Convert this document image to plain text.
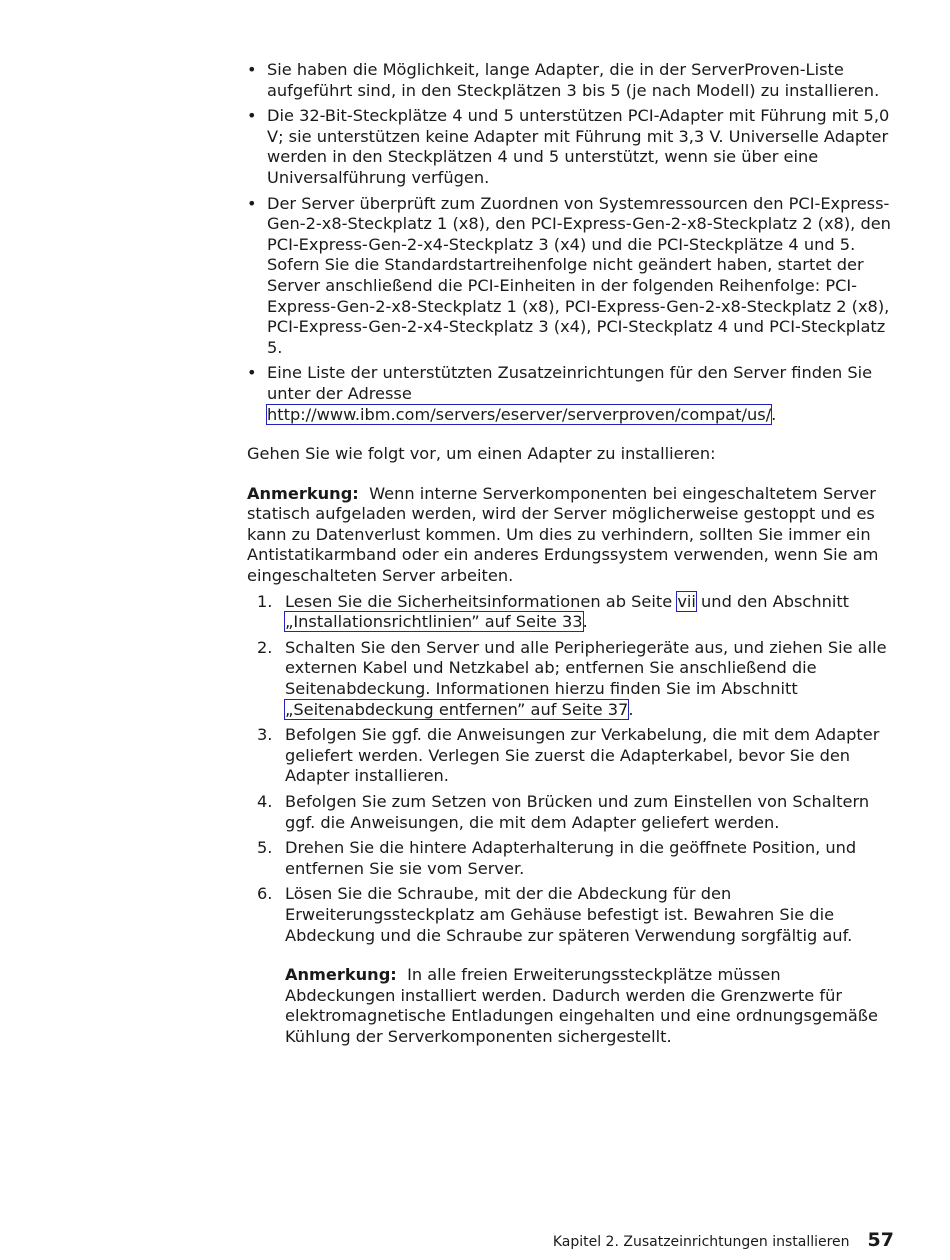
• Sie haben die Möglichkeit, lange Adapter, die in der ServerProven-Liste aufgeführt sind, in den Steckplätzen 3 bis 5 (je nach Modell) zu installieren.
• Die 32-Bit-Steckplätze 4 und 5 unterstützen PCI-Adapter mit Führung mit 5,0 V; sie unterstützen keine Adapter mit Führung mit 3,3 V. Universelle Adapter werden in den Steckplätzen 4 und 5 unterstützt, wenn sie über eine Universalführung verfügen.
• Der Server überprüft zum Zuordnen von Systemressourcen den PCI-Express-Gen-2-x8-Steckplatz 1 (x8), den PCI-Express-Gen-2-x8-Steckplatz 2 (x8), den PCI-Express-Gen-2-x4-Steckplatz 3 (x4) und die PCI-Steckplätze 4 und 5. Sofern Sie die Standardstartreihenfolge nicht geändert haben, startet der Server anschließend die PCI-Einheiten in der folgenden Reihenfolge: PCI-Express-Gen-2-x8-Steckplatz 1 (x8), PCI-Express-Gen-2-x8-Steckplatz 2 (x8), PCI-Express-Gen-2-x4-Steckplatz 3 (x4), PCI-Steckplatz 4 und PCI-Steckplatz 5.
• Eine Liste der unterstützten Zusatzeinrichtungen für den Server finden Sie unter der Adresse http://www.ibm.com/servers/eserver/serverproven/compat/us/.

Gehen Sie wie folgt vor, um einen Adapter zu installieren:

Anmerkung: Wenn interne Serverkomponenten bei eingeschaltetem Server statisch aufgeladen werden, wird der Server möglicherweise gestoppt und es kann zu Datenverlust kommen. Um dies zu verhindern, sollten Sie immer ein Antistatikarmband oder ein anderes Erdungssystem verwenden, wenn Sie am eingeschalteten Server arbeiten.

1. Lesen Sie die Sicherheitsinformationen ab Seite vii und den Abschnitt „Installationsrichtlinien” auf Seite 33.
2. Schalten Sie den Server und alle Peripheriegeräte aus, und ziehen Sie alle externen Kabel und Netzkabel ab; entfernen Sie anschließend die Seitenabdeckung. Informationen hierzu finden Sie im Abschnitt „Seitenabdeckung entfernen” auf Seite 37.
3. Befolgen Sie ggf. die Anweisungen zur Verkabelung, die mit dem Adapter geliefert werden. Verlegen Sie zuerst die Adapterkabel, bevor Sie den Adapter installieren.
4. Befolgen Sie zum Setzen von Brücken und zum Einstellen von Schaltern ggf. die Anweisungen, die mit dem Adapter geliefert werden.
5. Drehen Sie die hintere Adapterhalterung in die geöffnete Position, und entfernen Sie sie vom Server.
6. Lösen Sie die Schraube, mit der die Abdeckung für den Erweiterungssteckplatz am Gehäuse befestigt ist. Bewahren Sie die Abdeckung und die Schraube zur späteren Verwendung sorgfältig auf.

Anmerkung: In alle freien Erweiterungssteckplätze müssen Abdeckungen installiert werden. Dadurch werden die Grenzwerte für elektromagnetische Entladungen eingehalten und eine ordnungsgemäße Kühlung der Serverkomponenten sichergestellt.

Kapitel 2. Zusatzeinrichtungen installieren 57
